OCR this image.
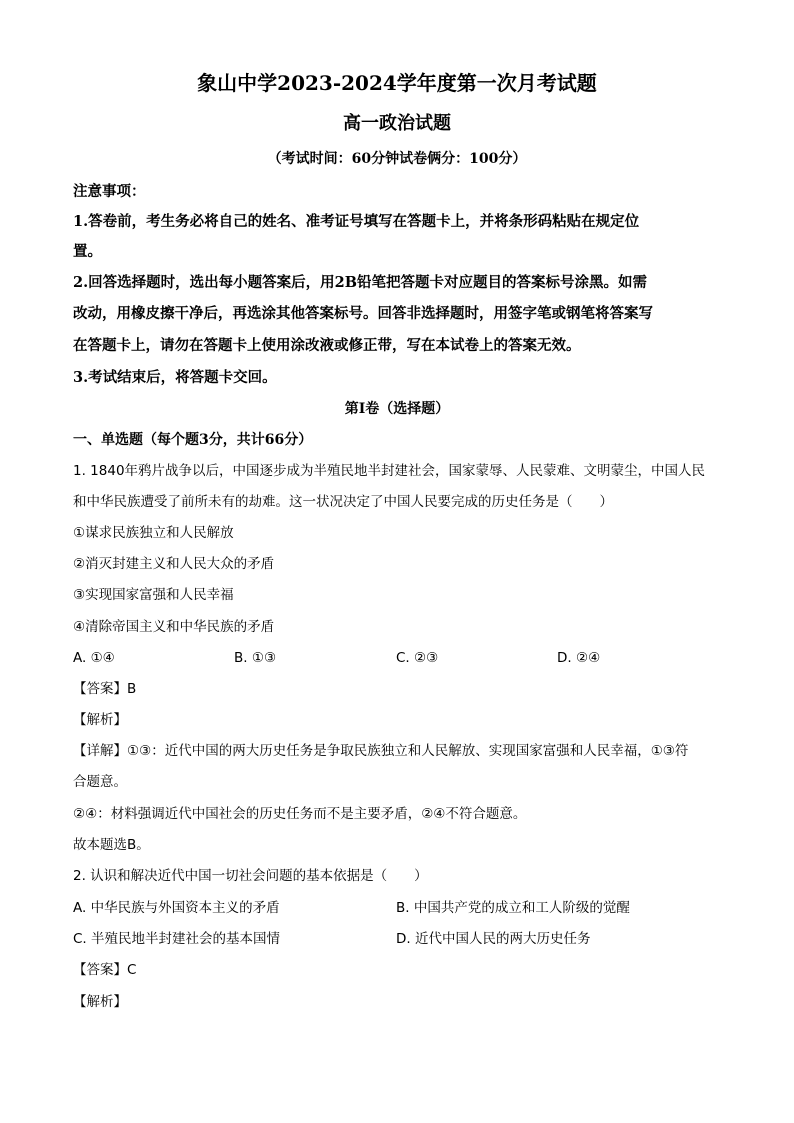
象山中学2023-2024学年度第一次月考试题
高一政治试题
（考试时间：60分钟试卷俩分：100分）
注意事项：
1.答卷前，考生务必将自己的姓名、准考证号填写在答题卡上，并将条形码粘贴在规定位
置。
2.回答选择题时，选出每小题答案后，用2B铅笔把答题卡对应题目的答案标号涂黑。如需
改动，用橡皮擦干净后，再选涂其他答案标号。回答非选择题时，用签字笔或钢笔将答案写
在答题卡上，请勿在答题卡上使用涂改液或修正带，写在本试卷上的答案无效。
3.考试结束后，将答题卡交回。
第Ⅰ卷（选择题）
一、单选题（每个题3分，共计66分）
1. 1840年鸦片战争以后，中国逐步成为半殖民地半封建社会，国家蒙辱、人民蒙难、文明蒙尘，中国人民
和中华民族遭受了前所未有的劫难。这一状况决定了中国人民要完成的历史任务是（　　）
①谋求民族独立和人民解放
②消灭封建主义和人民大众的矛盾
③实现国家富强和人民幸福
④清除帝国主义和中华民族的矛盾
A. ①④	B. ①③	C. ②③	D. ②④
【答案】B
【解析】
【详解】①③：近代中国的两大历史任务是争取民族独立和人民解放、实现国家富强和人民幸福，①③符
合题意。
②④：材料强调近代中国社会的历史任务而不是主要矛盾，②④不符合题意。
故本题选B。
2. 认识和解决近代中国一切社会问题的基本依据是（　　）
A. 中华民族与外国资本主义的矛盾	B. 中国共产党的成立和工人阶级的觉醒
C. 半殖民地半封建社会的基本国情	D. 近代中国人民的两大历史任务
【答案】C
【解析】
